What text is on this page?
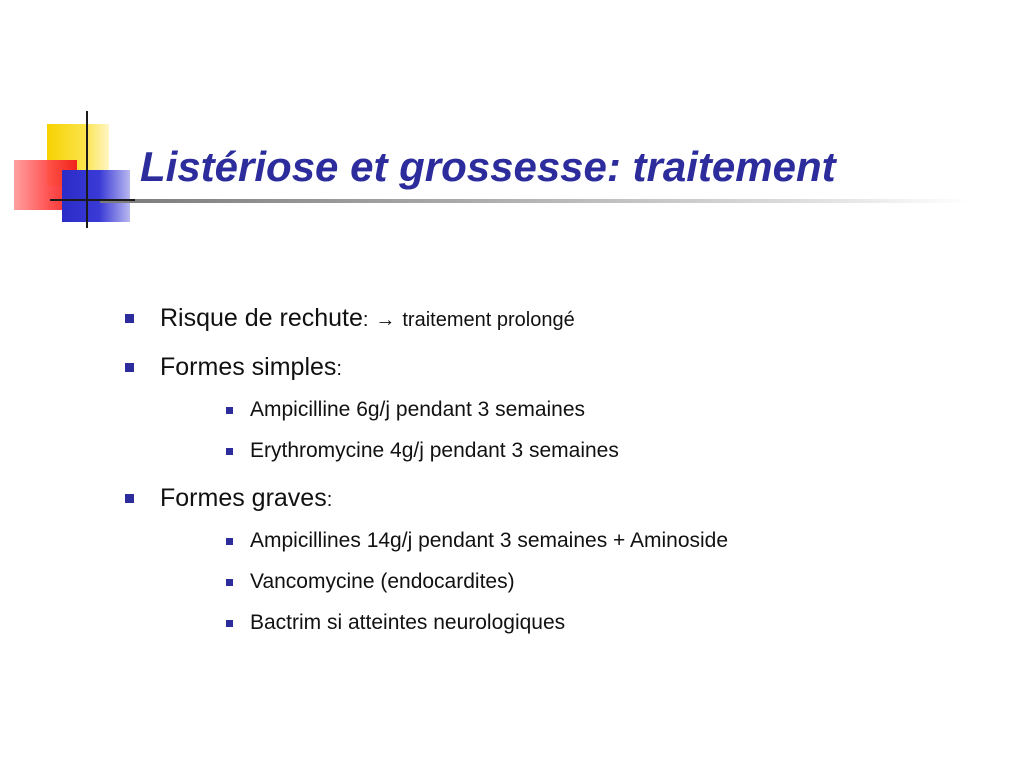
Listériose et grossesse: traitement
Risque de rechute: → traitement prolongé
Formes simples:
Ampicilline 6g/j pendant 3 semaines
Erythromycine 4g/j pendant 3 semaines
Formes graves:
Ampicillines 14g/j pendant 3 semaines + Aminoside
Vancomycine (endocardites)
Bactrim si atteintes neurologiques
